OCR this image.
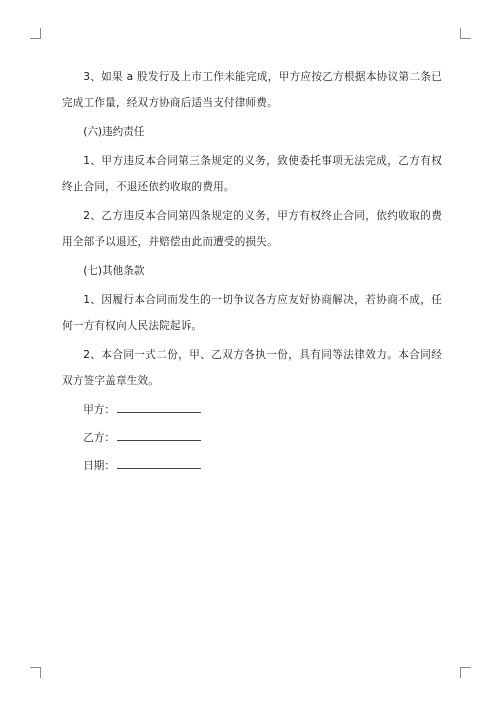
3、如果 a 股发行及上市工作未能完成，甲方应按乙方根据本协议第二条已完成工作量，经双方协商后适当支付律师费。

(六)违约责任

1、甲方违反本合同第三条规定的义务，致使委托事项无法完成，乙方有权终止合同，不退还依约收取的费用。

2、乙方违反本合同第四条规定的义务，甲方有权终止合同，依约收取的费用全部予以退还，并赔偿由此而遭受的损失。

(七)其他条款

1、因履行本合同而发生的一切争议各方应友好协商解决，若协商不成，任何一方有权向人民法院起诉。

2、本合同一式二份，甲、乙双方各执一份，具有同等法律效力。本合同经双方签字盖章生效。

甲方：
乙方：
日期：
